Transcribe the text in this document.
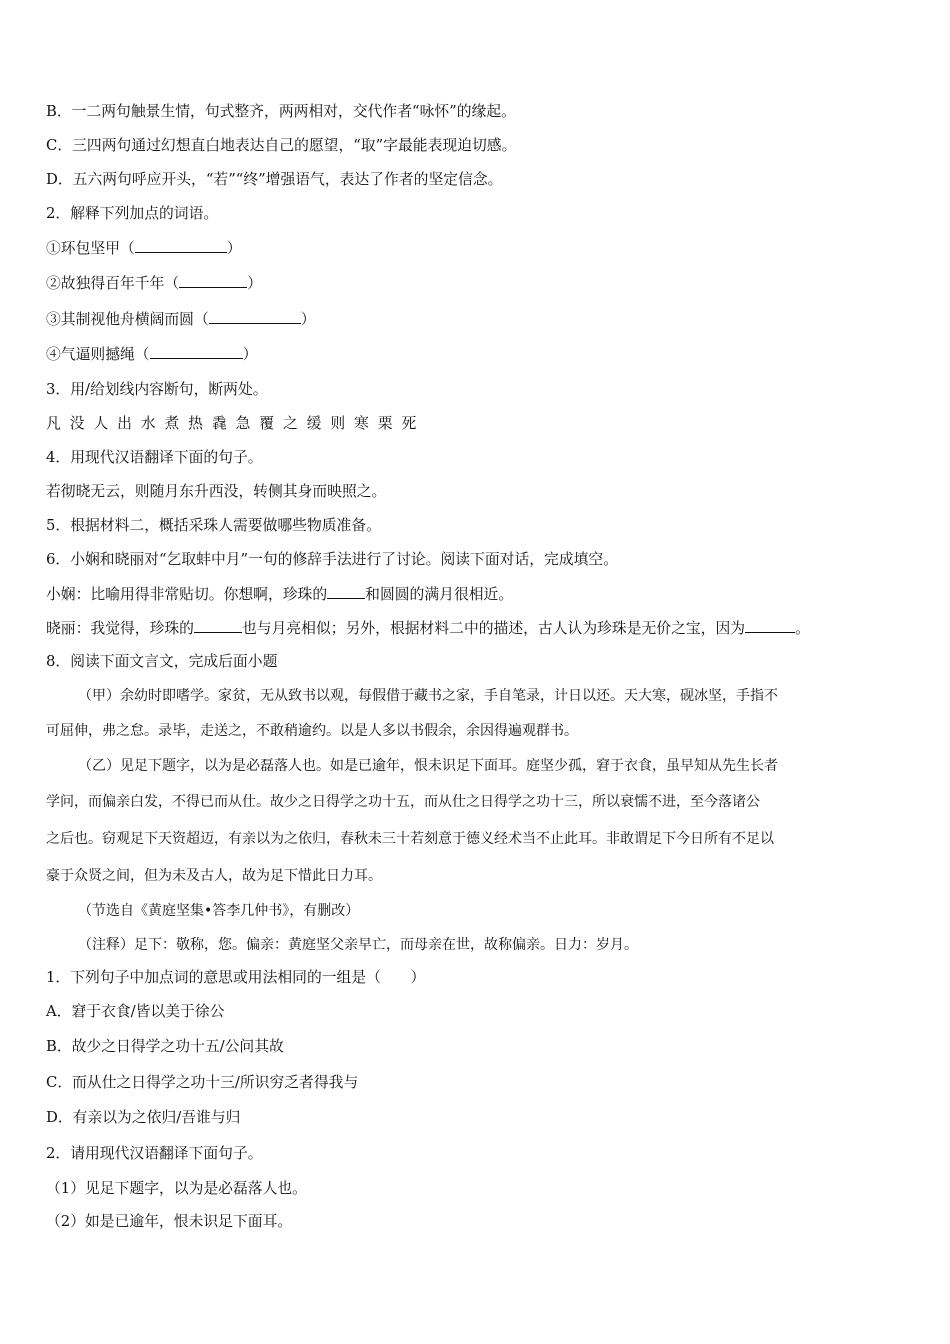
B．一二两句触景生情，句式整齐，两两相对，交代作者“咏怀”的缘起。
C．三四两句通过幻想直白地表达自己的愿望，“取”字最能表现迫切感。
D．五六两句呼应开头，“若”“终”增强语气，表达了作者的坚定信念。
2．解释下列加点的词语。
①环包坚甲（	）
②故独得百年千年（	）
③其制视他舟横阔而圆（	）
④气逼则撼绳（	）
3．用/给划线内容断句，断两处。
凡没人出水煮热毳急覆之缓则寒栗死
4．用现代汉语翻译下面的句子。
若彻晓无云，则随月东升西没，转侧其身而映照之。
5．根据材料二，概括采珠人需要做哪些物质准备。
6．小娴和晓丽对“乞取蚌中月”一句的修辞手法进行了讨论。阅读下面对话，完成填空。
小娴：比喻用得非常贴切。你想啊，珍珠的	和圆圆的满月很相近。
晓丽：我觉得，珍珠的	也与月亮相似；另外，根据材料二中的描述，古人认为珍珠是无价之宝，因为	。
8．阅读下面文言文，完成后面小题
（甲）余幼时即嗜学。家贫，无从致书以观，每假借于藏书之家，手自笔录，计日以还。天大寒，砚冰坚，手指不
可屈伸，弗之怠。录毕，走送之，不敢稍逾约。以是人多以书假余，余因得遍观群书。
（乙）见足下题字，以为是必磊落人也。如是已逾年，恨未识足下面耳。庭坚少孤，窘于衣食，虽早知从先生长者
学问，而偏亲白发，不得已而从仕。故少之日得学之功十五，而从仕之日得学之功十三，所以衰懦不进，至今落诸公
之后也。窃观足下天资超迈，有亲以为之依归，春秋未三十若刻意于德义经术当不止此耳。非敢谓足下今日所有不足以
豪于众贤之间，但为未及古人，故为足下惜此日力耳。
（节选自《黄庭坚集•答李几仲书》，有删改）
（注释）足下：敬称，您。偏亲：黄庭坚父亲早亡，而母亲在世，故称偏亲。日力：岁月。
1．下列句子中加点词的意思或用法相同的一组是（　　）
A．窘于衣食/皆以美于徐公
B．故少之日得学之功十五/公问其故
C．而从仕之日得学之功十三/所识穷乏者得我与
D．有亲以为之依归/吾谁与归
2．请用现代汉语翻译下面句子。
（1）见足下题字，以为是必磊落人也。
（2）如是已逾年，恨未识足下面耳。
